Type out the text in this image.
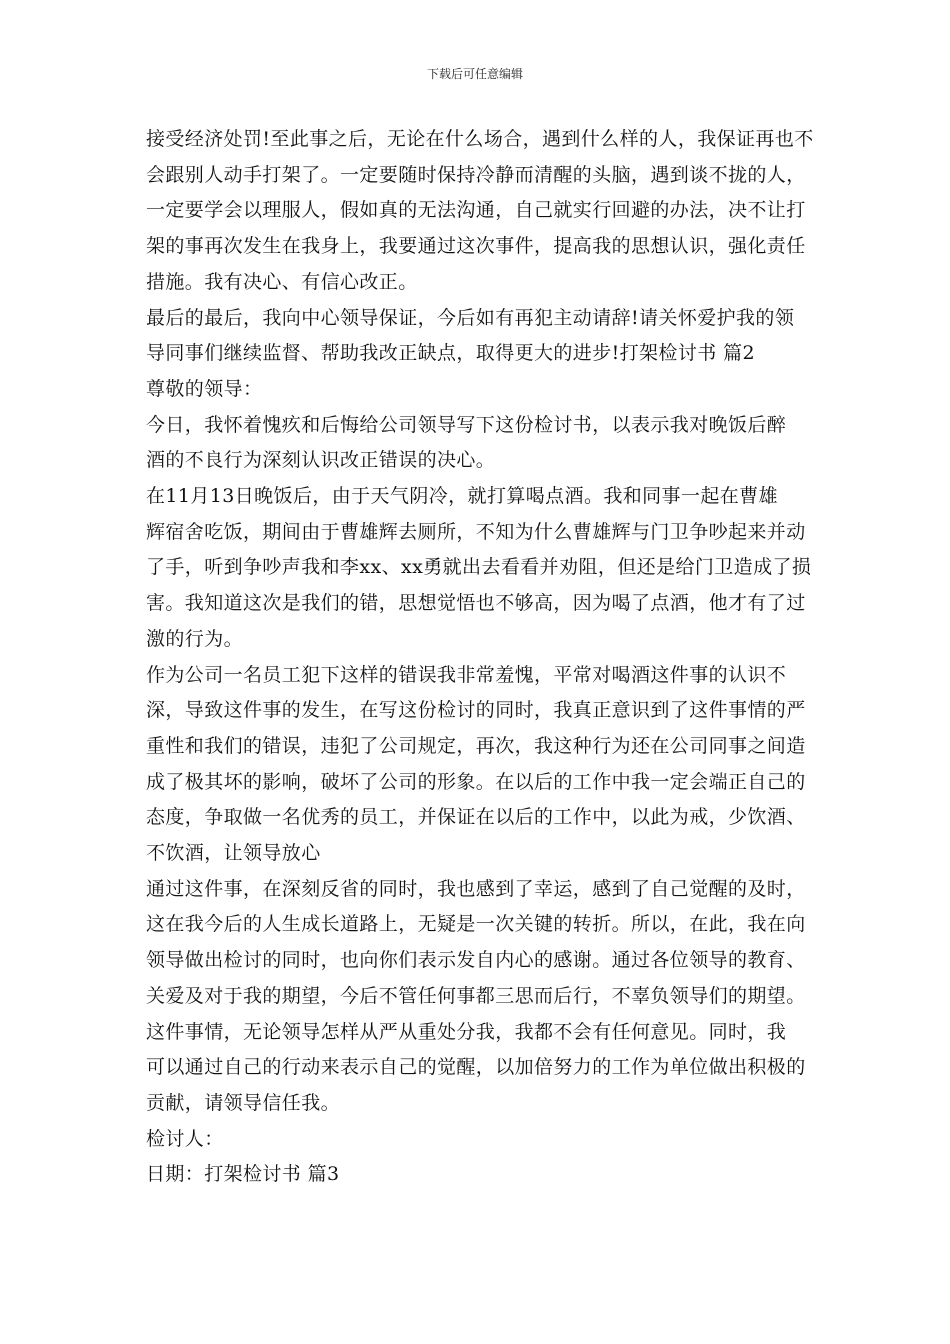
下载后可任意编辑
接受经济处罚!至此事之后，无论在什么场合，遇到什么样的人，我保证再也不
会跟别人动手打架了。一定要随时保持冷静而清醒的头脑，遇到谈不拢的人，
一定要学会以理服人，假如真的无法沟通，自己就实行回避的办法，决不让打
架的事再次发生在我身上，我要通过这次事件，提高我的思想认识，强化责任
措施。我有决心、有信心改正。
最后的最后，我向中心领导保证，今后如有再犯主动请辞!请关怀爱护我的领
导同事们继续监督、帮助我改正缺点，取得更大的进步!打架检讨书 篇2
尊敬的领导：
今日，我怀着愧疚和后悔给公司领导写下这份检讨书，以表示我对晚饭后醉
酒的不良行为深刻认识改正错误的决心。
在11月13日晚饭后，由于天气阴冷，就打算喝点酒。我和同事一起在曹雄
辉宿舍吃饭，期间由于曹雄辉去厕所，不知为什么曹雄辉与门卫争吵起来并动
了手，听到争吵声我和李xx、xx勇就出去看看并劝阻，但还是给门卫造成了损
害。我知道这次是我们的错，思想觉悟也不够高，因为喝了点酒，他才有了过
激的行为。
作为公司一名员工犯下这样的错误我非常羞愧，平常对喝酒这件事的认识不
深，导致这件事的发生，在写这份检讨的同时，我真正意识到了这件事情的严
重性和我们的错误，违犯了公司规定，再次，我这种行为还在公司同事之间造
成了极其坏的影响，破坏了公司的形象。在以后的工作中我一定会端正自己的
态度，争取做一名优秀的员工，并保证在以后的工作中，以此为戒，少饮酒、
不饮酒，让领导放心
通过这件事，在深刻反省的同时，我也感到了幸运，感到了自己觉醒的及时，
这在我今后的人生成长道路上，无疑是一次关键的转折。所以，在此，我在向
领导做出检讨的同时，也向你们表示发自内心的感谢。通过各位领导的教育、
关爱及对于我的期望，今后不管任何事都三思而后行，不辜负领导们的期望。
这件事情，无论领导怎样从严从重处分我，我都不会有任何意见。同时，我
可以通过自己的行动来表示自己的觉醒，以加倍努力的工作为单位做出积极的
贡献，请领导信任我。
检讨人：
日期：打架检讨书 篇3
